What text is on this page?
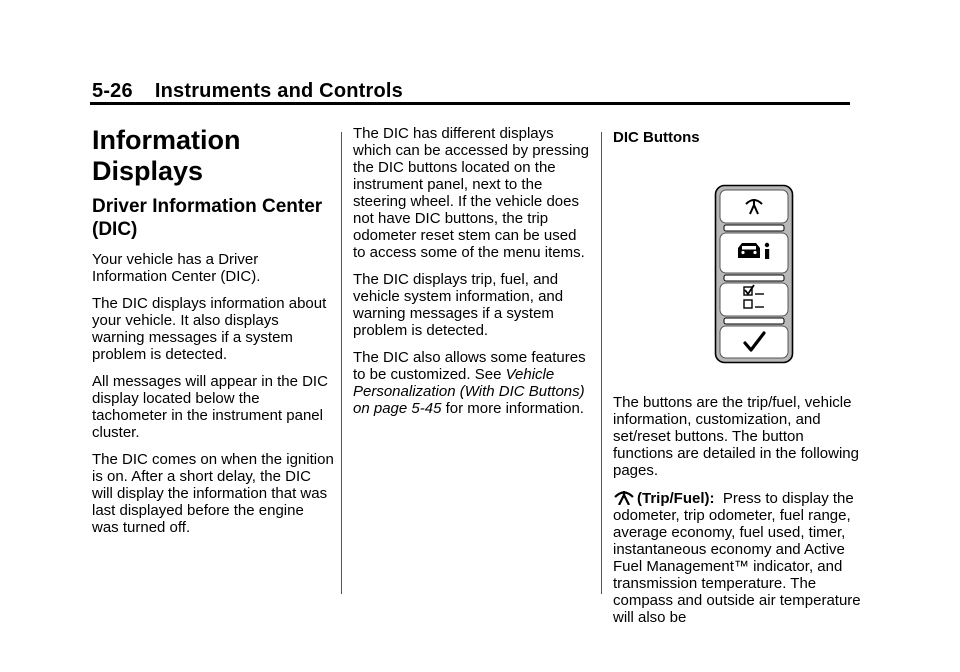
5-26 Instruments and Controls
Information Displays
Driver Information Center (DIC)

Your vehicle has a Driver Information Center (DIC).

The DIC displays information about your vehicle. It also displays warning messages if a system problem is detected.

All messages will appear in the DIC display located below the tachometer in the instrument panel cluster.

The DIC comes on when the ignition is on. After a short delay, the DIC will display the information that was last displayed before the engine was turned off.

The DIC has different displays which can be accessed by pressing the DIC buttons located on the instrument panel, next to the steering wheel. If the vehicle does not have DIC buttons, the trip odometer reset stem can be used to access some of the menu items.

The DIC displays trip, fuel, and vehicle system information, and warning messages if a system problem is detected.

The DIC also allows some features to be customized. See Vehicle Personalization (With DIC Buttons) on page 5-45 for more information.

DIC Buttons

The buttons are the trip/fuel, vehicle information, customization, and set/reset buttons. The button functions are detailed in the following pages.

(Trip/Fuel): Press to display the odometer, trip odometer, fuel range, average economy, fuel used, timer, instantaneous economy and Active Fuel Management™ indicator, and transmission temperature. The compass and outside air temperature will also be
